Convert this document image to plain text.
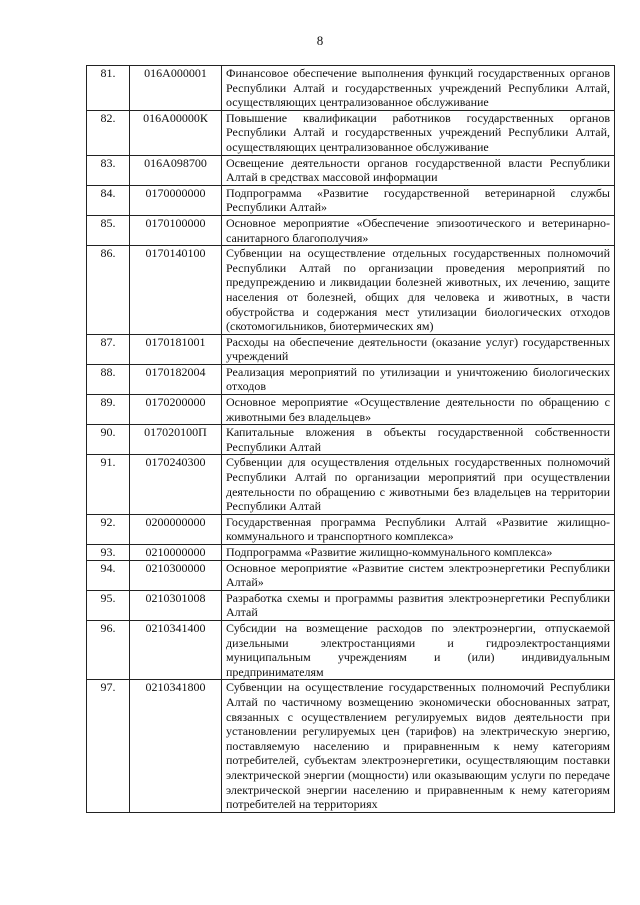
8
81.	016А000001	Финансовое обеспечение выполнения функций государственных органов Республики Алтай и государственных учреждений Республики Алтай, осуществляющих централизованное обслуживание
82.	016А00000К	Повышение квалификации работников государственных органов Республики Алтай и государственных учреждений Республики Алтай, осуществляющих централизованное обслуживание
83.	016А098700	Освещение деятельности органов государственной власти Республики Алтай в средствах массовой информации
84.	0170000000	Подпрограмма «Развитие государственной ветеринарной службы Республики Алтай»
85.	0170100000	Основное мероприятие «Обеспечение эпизоотического и ветеринарно-санитарного благополучия»
86.	0170140100	Субвенции на осуществление отдельных государственных полномочий Республики Алтай по организации проведения мероприятий по предупреждению и ликвидации болезней животных, их лечению, защите населения от болезней, общих для человека и животных, в части обустройства и содержания мест утилизации биологических отходов (скотомогильников, биотермических ям)
87.	0170181001	Расходы на обеспечение деятельности (оказание услуг) государственных учреждений
88.	0170182004	Реализация мероприятий по утилизации и уничтожению биологических отходов
89.	0170200000	Основное мероприятие «Осуществление деятельности по обращению с животными без владельцев»
90.	017020100П	Капитальные вложения в объекты государственной собственности Республики Алтай
91.	0170240300	Субвенции для осуществления отдельных государственных полномочий Республики Алтай по организации мероприятий при осуществлении деятельности по обращению с животными без владельцев на территории Республики Алтай
92.	0200000000	Государственная программа Республики Алтай «Развитие жилищно-коммунального и транспортного комплекса»
93.	0210000000	Подпрограмма «Развитие жилищно-коммунального комплекса»
94.	0210300000	Основное мероприятие «Развитие систем электроэнергетики Республики Алтай»
95.	0210301008	Разработка схемы и программы развития электроэнергетики Республики Алтай
96.	0210341400	Субсидии на возмещение расходов по электроэнергии, отпускаемой дизельными электростанциями и гидроэлектростанциями муниципальным учреждениям и (или) индивидуальным предпринимателям
97.	0210341800	Субвенции на осуществление государственных полномочий Республики Алтай по частичному возмещению экономически обоснованных затрат, связанных с осуществлением регулируемых видов деятельности при установлении регулируемых цен (тарифов) на электрическую энергию, поставляемую населению и приравненным к нему категориям потребителей, субъектам электроэнергетики, осуществляющим поставки электрической энергии (мощности) или оказывающим услуги по передаче электрической энергии населению и приравненным к нему категориям потребителей на территориях
